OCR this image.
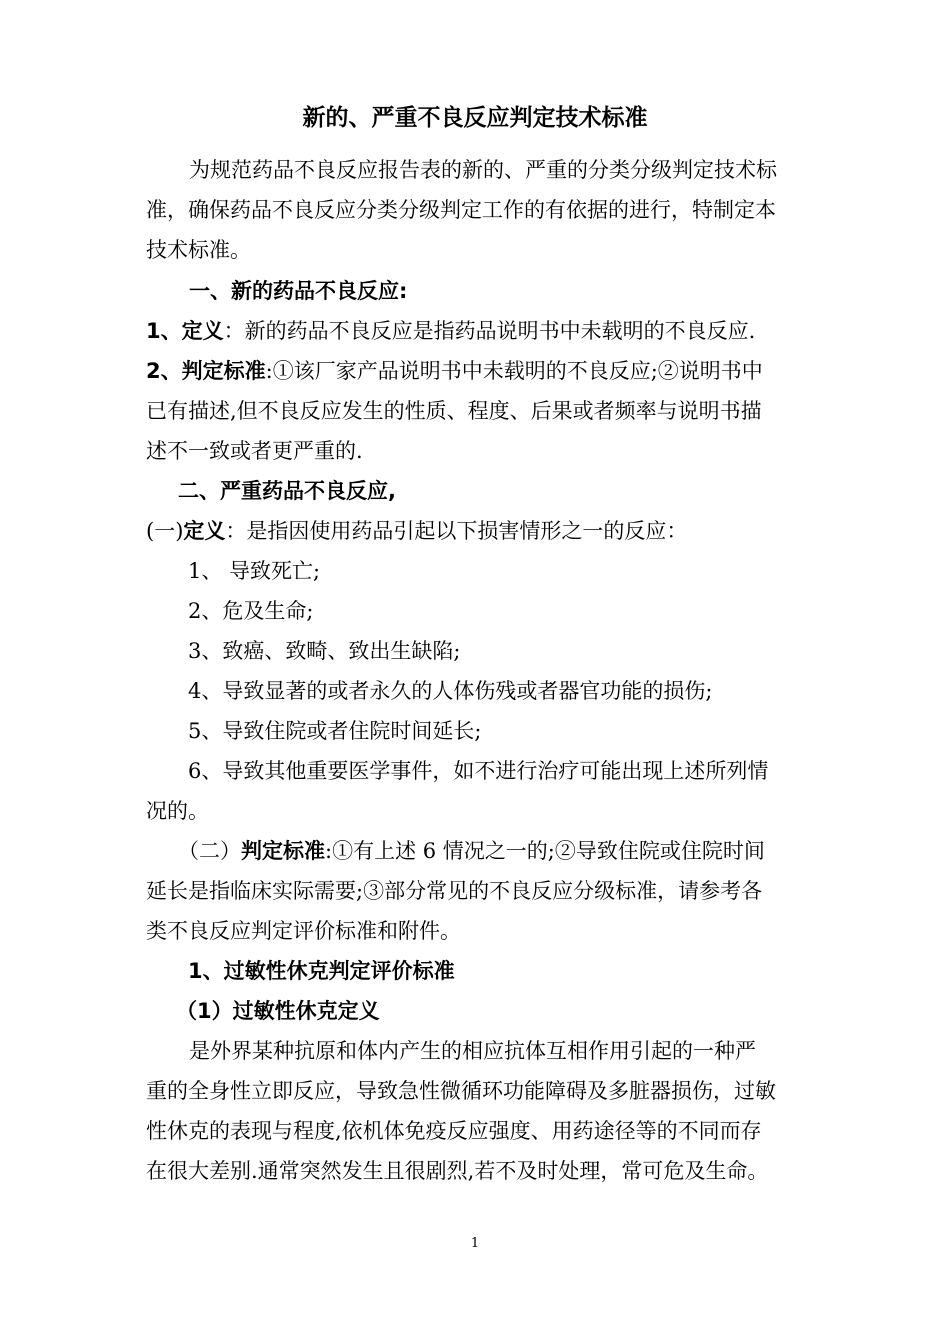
新的、严重不良反应判定技术标准
为规范药品不良反应报告表的新的、严重的分类分级判定技术标
准，确保药品不良反应分类分级判定工作的有依据的进行，特制定本
技术标准。
一、新的药品不良反应:
1、定义：新的药品不良反应是指药品说明书中未载明的不良反应.
2、判定标准:①该厂家产品说明书中未载明的不良反应;②说明书中
已有描述,但不良反应发生的性质、程度、后果或者频率与说明书描
述不一致或者更严重的.
二、严重药品不良反应,
(一)定义：是指因使用药品引起以下损害情形之一的反应：
1、 导致死亡;
2、危及生命;
3、致癌、致畸、致出生缺陷;
4、导致显著的或者永久的人体伤残或者器官功能的损伤;
5、导致住院或者住院时间延长;
6、导致其他重要医学事件，如不进行治疗可能出现上述所列情
况的。
（二）判定标准:①有上述 6 情况之一的;②导致住院或住院时间
延长是指临床实际需要;③部分常见的不良反应分级标准，请参考各
类不良反应判定评价标准和附件。
1、过敏性休克判定评价标准
（1）过敏性休克定义
是外界某种抗原和体内产生的相应抗体互相作用引起的一种严
重的全身性立即反应，导致急性微循环功能障碍及多脏器损伤，过敏
性休克的表现与程度,依机体免疫反应强度、用药途径等的不同而存
在很大差别.通常突然发生且很剧烈,若不及时处理，常可危及生命。
1
